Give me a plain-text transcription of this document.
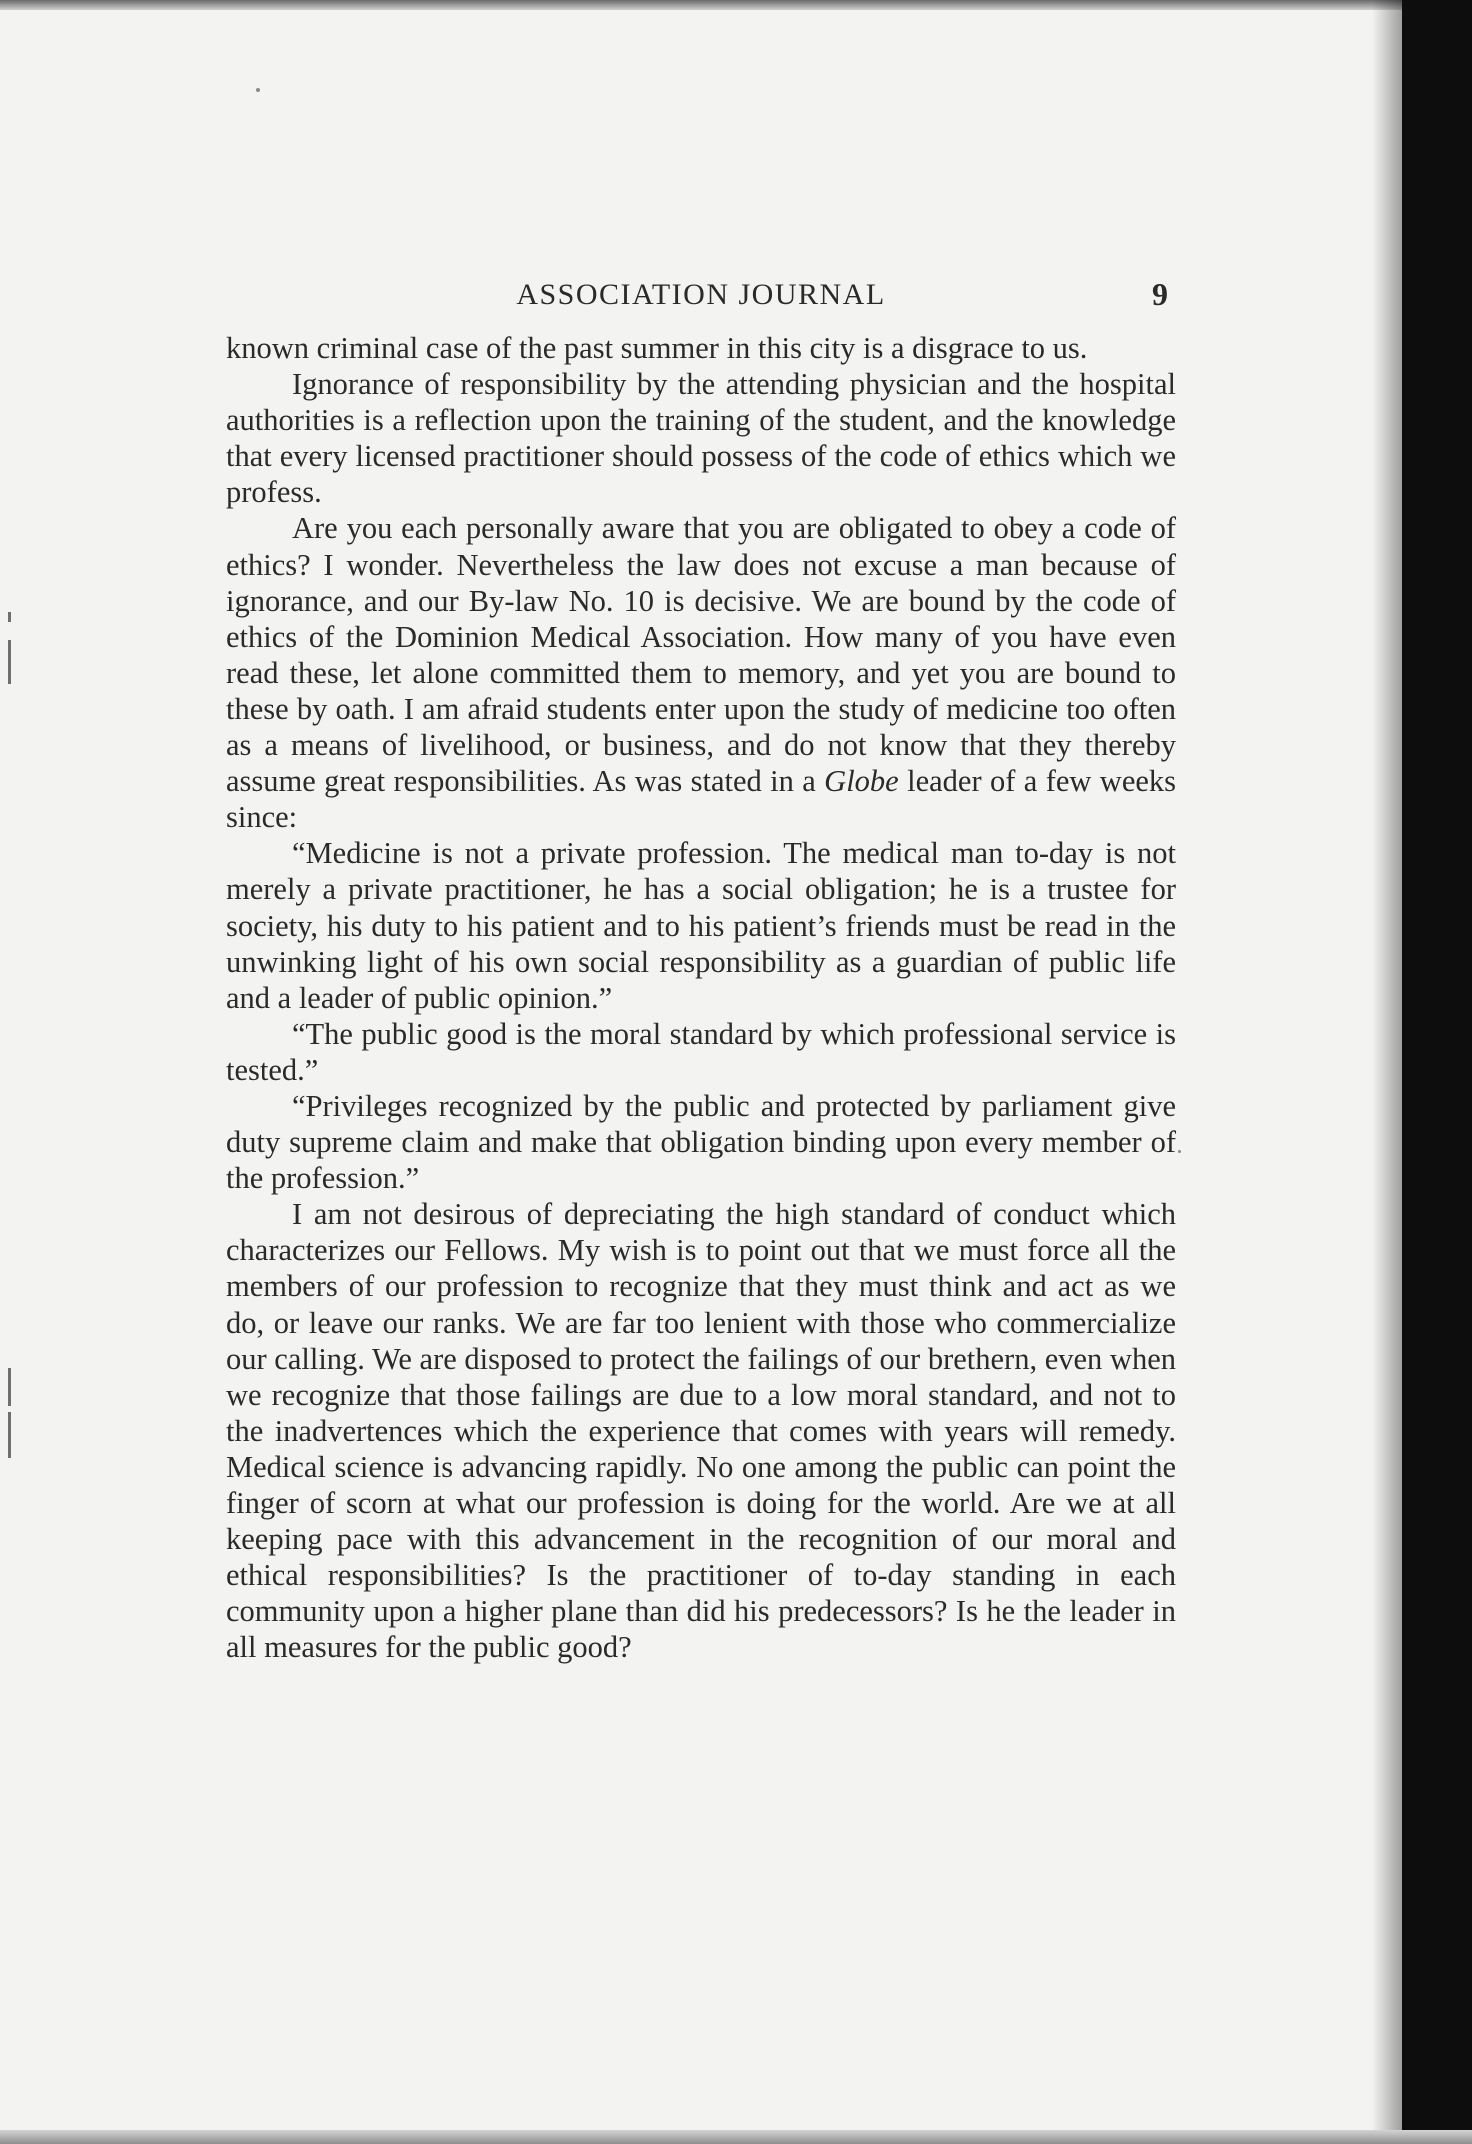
ASSOCIATION JOURNAL	9

known criminal case of the past summer in this city is a disgrace to us.

Ignorance of responsibility by the attending physician and the hospital authorities is a reflection upon the training of the student, and the knowledge that every licensed practitioner should possess of the code of ethics which we profess.

Are you each personally aware that you are obligated to obey a code of ethics? I wonder. Nevertheless the law does not excuse a man because of ignorance, and our By-law No. 10 is decisive. We are bound by the code of ethics of the Dominion Medical Association. How many of you have even read these, let alone committed them to memory, and yet you are bound to these by oath. I am afraid students enter upon the study of medicine too often as a means of livelihood, or business, and do not know that they thereby assume great responsibilities. As was stated in a Globe leader of a few weeks since:

“Medicine is not a private profession. The medical man to-day is not merely a private practitioner, he has a social obligation; he is a trustee for society, his duty to his patient and to his patient’s friends must be read in the unwinking light of his own social responsibility as a guardian of public life and a leader of public opinion.”

“The public good is the moral standard by which professional service is tested.”

“Privileges recognized by the public and protected by parliament give duty supreme claim and make that obligation binding upon every member of the profession.”

I am not desirous of depreciating the high standard of conduct which characterizes our Fellows. My wish is to point out that we must force all the members of our profession to recognize that they must think and act as we do, or leave our ranks. We are far too lenient with those who commercialize our calling. We are disposed to protect the failings of our brethern, even when we recognize that those failings are due to a low moral standard, and not to the inadvertences which the experience that comes with years will remedy. Medical science is advancing rapidly. No one among the public can point the finger of scorn at what our profession is doing for the world. Are we at all keeping pace with this advancement in the recognition of our moral and ethical responsibilities? Is the practitioner of to-day standing in each community upon a higher plane than did his predecessors? Is he the leader in all measures for the public good?
